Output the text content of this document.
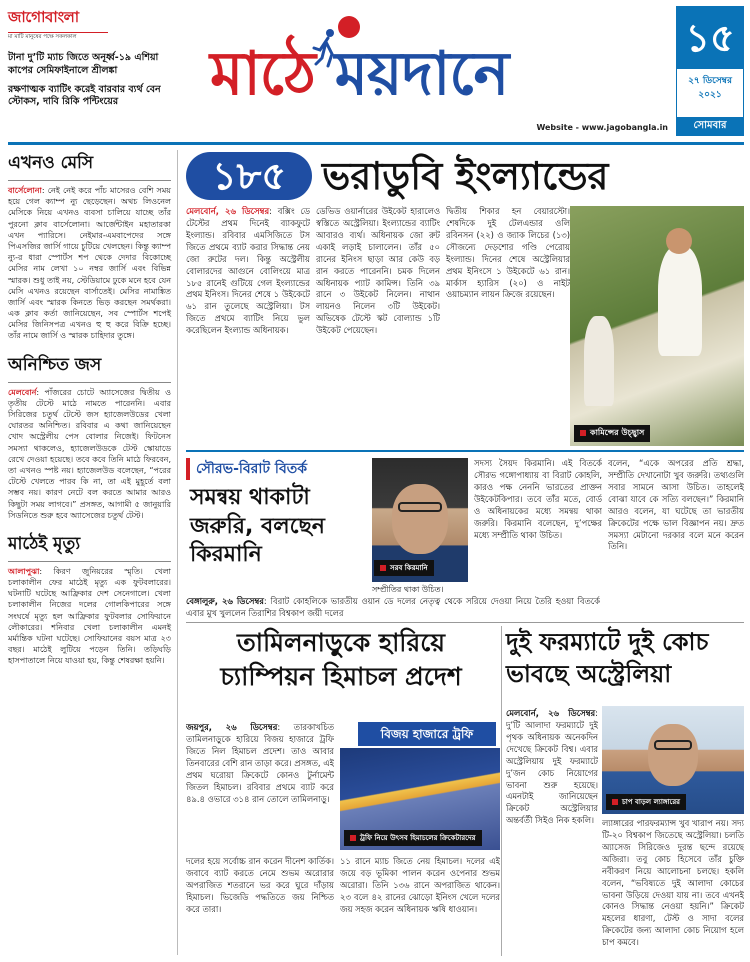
জাগোবাংলা
মা মাটি মানুষের পক্ষে সকলকাল
টানা দু’টি ম্যাচ জিতে অনূর্ধ্ব-১৯ এশিয়া কাপের সেমিফাইনালে শ্রীলঙ্কা
রক্ষণাত্মক ব্যাটিং করেই বারবার ব্যর্থ বেন স্টোকস, দাবি রিকি পন্টিংয়ের	মাঠে ময়দানে
Website - www.jagobangla.in
১৫
২৭ ডিসেম্বর
২০২১
সোমবার
এখনও মেসি
বার্সেলোনা: নেই নেই করে পাঁচ মাসেরও বেশি সময় হয়ে গেল ক্যাম্প ন্যু ছেড়েছেন। অথচ লিওনেল মেসিকে নিয়ে এখনও ব্যবসা চালিয়ে যাচ্ছে তাঁর পুরনো ক্লাব বার্সেলোনা। আর্জেন্টাইন মহাতারকা এখন প্যারিসে। নেইমার-এমবাপেদের সঙ্গে পিএসজির জার্সি গায়ে চুটিয়ে খেলছেন। কিন্তু ক্যাম্প ন্যু-র ধারা স্পোর্টস শপ থেকে দেদার বিকোচ্ছে মেসির নাম লেখা ১০ নম্বর জার্সি এবং বিভিন্ন স্মারক। শুধু তাই নয়, স্টেডিয়ামে ঢুকে মনে হবে যেন মেসি এখনও রয়েছেন বার্সাতেই। মেসির নামাঙ্কিত জার্সি এবং স্মারক কিনতে ভিড় করছেন সমর্থকরা। এক ক্লাব কর্তা জানিয়েছেন, সব স্পোর্টস শপেই মেসির জিনিসপত্র এখনও হু হু করে বিক্রি হচ্ছে। তাঁর নামে জার্সি ও স্মারক চাহিদার তুঙ্গে।
অনিশ্চিত জস
মেলবোর্ন: পাঁজরের চোটে অ্যাসেজের দ্বিতীয় ও তৃতীয় টেস্টে মাঠে নামতে পারেননি। এবার সিরিজের চতুর্থ টেস্টে জস হ্যাজেলউডের খেলা ঘোরতর অনিশ্চিত। রবিবার এ কথা জানিয়েছেন খোদ অস্ট্রেলীয় পেস বোলার নিজেই। ফিটনেস সমস্যা থাকলেও, হ্যাজেলউডকে টেস্ট স্কোয়াডে রেখে দেওয়া হয়েছে। তবে কবে তিনি মাঠে ফিরবেন, তা এখনও স্পষ্ট নয়। হ্যাজেলউড বলেছেন, “পরের টেস্টে খেলতে পারব কি না, তা এই মুহূর্তে বলা সম্ভব নয়। কারণ নেটে বল করতে আমার আরও কিছুটা সময় লাগবে।” প্রসঙ্গত, আগামী ৫ জানুয়ারি সিডনিতে শুরু হবে অ্যাসেজের চতুর্থ টেস্ট।
মাঠেই মৃত্যু
আলাপুঝা: কিরণ জুনিয়রের স্মৃতি। খেলা চলাকালীন ফের মাঠেই মৃত্যু এক ফুটবলারের। ঘটনাটি ঘটেছে আফ্রিকার দেশ সেনেগালে। খেলা চলাকালীন নিজের দলের গোলকিপারের সঙ্গে সংঘর্ষে মৃত্যু হল আফ্রিকার ফুটবলার সোফিয়ানে লৌকারের। শনিবার খেলা চলাকালীন এমনই মর্মান্তিক ঘটনা ঘটেছে। সোফিয়ানের বয়স মাত্র ২৩ বছর। মাঠেই লুটিয়ে পড়েন তিনি। তড়িঘড়ি হাসপাতালে নিয়ে যাওয়া হয়, কিন্তু শেষরক্ষা হয়নি।
১৮৫ ভরাডুবি ইংল্যান্ডের
মেলবোর্ন, ২৬ ডিসেম্বর: বক্সিং ডে টেস্টের প্রথম দিনেই ব্যাকফুটে ইংল্যান্ড। রবিবার এমসিজিতে টস জিতে প্রথমে ব্যাট করার সিদ্ধান্ত নেয় জো রুটের দল। কিন্তু অস্ট্রেলীয় বোলারদের আগুনে বোলিংয়ে মাত্র ১৮৫ রানেই গুটিয়ে গেল ইংল্যান্ডের প্রথম ইনিংস। দিনের শেষে ১ উইকেটে ৬১ রান তুলেছে অস্ট্রেলিয়া। টস জিতে প্রথমে ব্যাটিং নিয়ে ভুল করেছিলেন ইংল্যান্ড অধিনায়ক।
ডেভিড ওয়ার্নারের উইকেট হারালেও স্বস্তিতে অস্ট্রেলিয়া। ইংল্যান্ডের ব্যাটিং আবারও ব্যর্থ। অধিনায়ক জো রুট একাই লড়াই চালালেন। তাঁর ৫০ রানের ইনিংস ছাড়া আর কেউ বড় রান করতে পারেননি। চমক দিলেন অধিনায়ক প্যাট কামিন্স। তিনি ৩৯ রানে ৩ উইকেট নিলেন। নাথান লায়নও নিলেন ৩টি উইকেট। অভিষেক টেস্টে স্কট বোল্যান্ড ১টি উইকেট পেয়েছেন।
দ্বিতীয় শিকার হন বেয়ারস্টো। শেষদিকে দুই টেলএন্ডার ওলি রবিনসন (২২) ও জ্যাক লিচের (১৩) সৌজন্যে দেড়শোর গণ্ডি পেরোয় ইংল্যান্ড। দিনের শেষে অস্ট্রেলিয়ার প্রথম ইনিংসে ১ উইকেটে ৬১ রান। মার্কাস হ্যারিস (২০) ও নাইট ওয়াচম্যান লায়ন ক্রিজে রয়েছেন।
কামিন্সের উচ্ছ্বাস
সৌরভ-বিরাট বিতর্ক
সমন্বয় থাকাটা জরুরি, বলছেন কিরমানি
সরব কিরমানি
সম্প্রীতির থাকা উচিত।
সদস্য সৈয়দ কিরমানি। এই বিতর্কে সৌরভ গঙ্গোপাধ্যায় বা বিরাট কোহলি, কারও পক্ষ নেননি ভারতের প্রাক্তন উইকেটকিপার। তবে তাঁর মতে, বোর্ড ও অধিনায়কের মধ্যে সমন্বয় থাকা জরুরি। কিরমানি বলেছেন, দু’পক্ষের মধ্যে সম্প্রীতি থাকা উচিত।
বলেন, “একে অপরের প্রতি শ্রদ্ধা, সম্প্রীতি দেখানোটা খুব জরুরি। তথ্যগুলি সবার সামনে আসা উচিত। তাহলেই বোঝা যাবে কে সত্যি বলছেন।” কিরমানি আরও বলেন, যা ঘটেছে তা ভারতীয় ক্রিকেটের পক্ষে ভাল বিজ্ঞাপন নয়। দ্রুত সমস্যা মেটানো দরকার বলে মনে করেন তিনি।
বেঙ্গালুরু, ২৬ ডিসেম্বর: বিরাট কোহলিকে ভারতীয় ওয়ান ডে দলের নেতৃত্ব থেকে সরিয়ে দেওয়া নিয়ে তৈরি হওয়া বিতর্কে এবার মুখ খুললেন তিরাশির বিশ্বকাপ জয়ী দলের
তামিলনাড়ুকে হারিয়ে চ্যাম্পিয়ন হিমাচল প্রদেশ
বিজয় হাজারে ট্রফি
জয়পুর, ২৬ ডিসেম্বর: তারকাখচিত তামিলনাড়ুকে হারিয়ে বিজয় হাজারে ট্রফি জিতে নিল হিমাচল প্রদেশ। তাও আবার তিনবারের বেশি রান তাড়া করে। প্রসঙ্গত, এই প্রথম ঘরোয়া ক্রিকেটে কোনও টুর্নামেন্ট জিতল হিমাচল। রবিবার প্রথমে ব্যাট করে ৪৯.৪ ওভারে ৩১৪ রান তোলে তামিলনাড়ু।
ট্রফি নিয়ে উৎসব হিমাচলের ক্রিকেটারদের
দলের হয়ে সর্বোচ্চ রান করেন দীনেশ কার্তিক। জবাবে ব্যাট করতে নেমে শুভম অরোরার অপরাজিত শতরানে ভর করে ঘুরে দাঁড়ায় হিমাচল। ভিজেডি পদ্ধতিতে জয় নিশ্চিত করে তারা।
১১ রানে ম্যাচ জিতে নেয় হিমাচল। দলের এই জয়ে বড় ভূমিকা পালন করেন ওপেনার শুভম অরোরা। তিনি ১৩৬ রানে অপরাজিত থাকেন। ২৩ বলে ৪২ রানের ঝোড়ো ইনিংস খেলে দলের জয় সহজ করেন অধিনায়ক ঋষি ধাওয়ান।
দুই ফরম্যাটে দুই কোচ ভাবছে অস্ট্রেলিয়া
মেলবোর্ন, ২৬ ডিসেম্বর: দু’টি আলাদা ফরম্যাটে দুই পৃথক অধিনায়ক অনেকদিন দেখেছে ক্রিকেট বিশ্ব। এবার অস্ট্রেলিয়ায় দুই ফরম্যাটে দু’জন কোচ নিয়োগের ভাবনা শুরু হয়েছে। এমনটাই জানিয়েছেন ক্রিকেট অস্ট্রেলিয়ার অন্তর্বর্তী সিইও নিক হকলি।
চাপ বাড়ল ল্যাঙ্গারের
ল্যাঙ্গারের পারফরম্যান্স খুব খারাপ নয়। সদ্য টি-২০ বিশ্বকাপ জিতেছে অস্ট্রেলিয়া। চলতি অ্যাসেজ সিরিজেও দুরন্ত ছন্দে রয়েছে অজিরা। তবু কোচ হিসেবে তাঁর চুক্তি নবীকরণ নিয়ে আলোচনা চলছে। হকলি বলেন, “ভবিষ্যতে দুই আলাদা কোচের ভাবনা উড়িয়ে দেওয়া যায় না। তবে এখনই কোনও সিদ্ধান্ত নেওয়া হয়নি।” ক্রিকেট মহলের ধারণা, টেস্ট ও সাদা বলের ক্রিকেটের জন্য আলাদা কোচ নিয়োগ হলে চাপ কমবে।
